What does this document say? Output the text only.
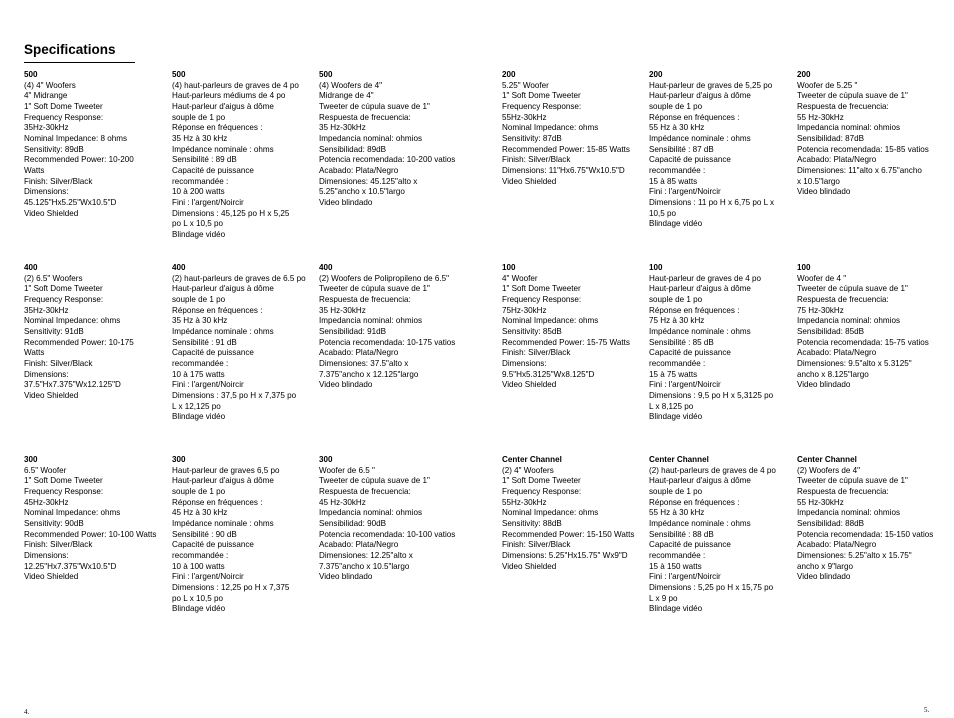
Specifications
500
(4) 4" Woofers
4" Midrange
1" Soft Dome Tweeter
Frequency Response:
35Hz-30kHz
Nominal Impedance: 8 ohms
Sensitivity: 89dB
Recommended Power: 10-200
Watts
Finish: Silver/Black
Dimensions:
45.125"Hx5.25"Wx10.5"D
Video Shielded
500
(4) haut-parleurs de graves de 4 po
Haut-parleurs médiums de 4 po
Haut-parleur d'aigus à dôme
souple de 1 po
Réponse en fréquences :
35 Hz à 30 kHz
Impédance nominale : ohms
Sensibilité : 89 dB
Capacité de puissance
recommandée :
10 à 200 watts
Fini : l'argent/Noircir
Dimensions : 45,125 po H x 5,25
po L x 10,5 po
Blindage vidéo
500
(4) Woofers de 4"
Midrange de 4"
Tweeter de cúpula suave de 1"
Respuesta de frecuencia:
35 Hz-30kHz
Impedancia nominal: ohmios
Sensibilidad: 89dB
Potencia recomendada: 10-200 vatios
Acabado: Plata/Negro
Dimensiones: 45.125"alto x
5.25"ancho x 10.5"largo
Video blindado
200
5.25" Woofer
1" Soft Dome Tweeter
Frequency Response:
55Hz-30kHz
Nominal Impedance: ohms
Sensitivity: 87dB
Recommended Power: 15-85 Watts
Finish: Silver/Black
Dimensions: 11"Hx6.75"Wx10.5"D
Video Shielded
200
Haut-parleur de graves de 5,25 po
Haut-parleur d'aigus à dôme
souple de 1 po
Réponse en fréquences :
55 Hz à 30 kHz
Impédance nominale : ohms
Sensibilité : 87 dB
Capacité de puissance
recommandée :
15 à 85 watts
Fini : l'argent/Noircir
Dimensions : 11 po H x 6,75 po L x
10,5 po
Blindage vidéo
200
Woofer de 5.25 "
Tweeter de cúpula suave de 1"
Respuesta de frecuencia:
55 Hz-30kHz
Impedancia nominal: ohmios
Sensibilidad: 87dB
Potencia recomendada: 15-85 vatios
Acabado: Plata/Negro
Dimensiones: 11"alto x 6.75"ancho
x 10.5"largo
Video blindado
400
(2) 6.5" Woofers
1" Soft Dome Tweeter
Frequency Response:
35Hz-30kHz
Nominal Impedance: ohms
Sensitivity: 91dB
Recommended Power: 10-175
Watts
Finish: Silver/Black
Dimensions:
37.5"Hx7.375"Wx12.125"D
Video Shielded
400
(2) haut-parleurs de graves de 6.5 po
Haut-parleur d'aigus à dôme
souple de 1 po
Réponse en fréquences :
35 Hz à 30 kHz
Impédance nominale : ohms
Sensibilité : 91 dB
Capacité de puissance
recommandée :
10 à 175 watts
Fini : l'argent/Noircir
Dimensions : 37,5 po H x 7,375 po
L x 12,125 po
Blindage vidéo
400
(2) Woofers de Polipropileno de 6.5"
Tweeter de cúpula suave de 1"
Respuesta de frecuencia:
35 Hz-30kHz
Impedancia nominal: ohmios
Sensibilidad: 91dB
Potencia recomendada: 10-175 vatios
Acabado: Plata/Negro
Dimensiones: 37.5"alto x
7.375"ancho x 12.125"largo
Video blindado
100
4" Woofer
1" Soft Dome Tweeter
Frequency Response:
75Hz-30kHz
Nominal Impedance: ohms
Sensitivity: 85dB
Recommended Power: 15-75 Watts
Finish: Silver/Black
Dimensions:
9.5"Hx5.3125"Wx8.125"D
Video Shielded
100
Haut-parleur de graves de 4 po
Haut-parleur d'aigus à dôme
souple de 1 po
Réponse en fréquences :
75 Hz à 30 kHz
Impédance nominale : ohms
Sensibilité : 85 dB
Capacité de puissance
recommandée :
15 à 75 watts
Fini : l'argent/Noircir
Dimensions : 9,5 po H x 5,3125 po
L x 8,125 po
Blindage vidéo
100
Woofer de 4 "
Tweeter de cúpula suave de 1"
Respuesta de frecuencia:
75 Hz-30kHz
Impedancia nominal: ohmios
Sensibilidad: 85dB
Potencia recomendada: 15-75 vatios
Acabado: Plata/Negro
Dimensiones: 9.5"alto x 5.3125"
ancho x 8.125"largo
Video blindado
300
6.5" Woofer
1" Soft Dome Tweeter
Frequency Response:
45Hz-30kHz
Nominal Impedance: ohms
Sensitivity: 90dB
Recommended Power: 10-100 Watts
Finish: Silver/Black
Dimensions:
12.25"Hx7.375"Wx10.5"D
Video Shielded
300
Haut-parleur de graves 6,5 po
Haut-parleur d'aigus à dôme
souple de 1 po
Réponse en fréquences :
45 Hz à 30 kHz
Impédance nominale : ohms
Sensibilité : 90 dB
Capacité de puissance
recommandée :
10 à 100 watts
Fini : l'argent/Noircir
Dimensions : 12,25 po H x 7,375
po L x 10,5 po
Blindage vidéo
300
Woofer de 6.5 "
Tweeter de cúpula suave de 1"
Respuesta de frecuencia:
45 Hz-30kHz
Impedancia nominal: ohmios
Sensibilidad: 90dB
Potencia recomendada: 10-100 vatios
Acabado: Plata/Negro
Dimensiones: 12.25"alto x
7.375"ancho x 10.5"largo
Video blindado
Center Channel
(2) 4" Woofers
1" Soft Dome Tweeter
Frequency Response:
55Hz-30kHz
Nominal Impedance: ohms
Sensitivity: 88dB
Recommended Power: 15-150 Watts
Finish: Silver/Black
Dimensions: 5.25"Hx15.75" Wx9"D
Video Shielded
Center Channel
(2) haut-parleurs de graves de 4 po
Haut-parleur d'aigus à dôme
souple de 1 po
Réponse en fréquences :
55 Hz à 30 kHz
Impédance nominale : ohms
Sensibilité : 88 dB
Capacité de puissance
recommandée :
15 à 150 watts
Fini : l'argent/Noircir
Dimensions : 5,25 po H x 15,75 po
L x 9 po
Blindage vidéo
Center Channel
(2) Woofers de 4"
Tweeter de cúpula suave de 1"
Respuesta de frecuencia:
55 Hz-30kHz
Impedancia nominal: ohmios
Sensibilidad: 88dB
Potencia recomendada: 15-150 vatios
Acabado: Plata/Negro
Dimensiones: 5.25"alto x 15.75"
ancho x 9"largo
Video blindado
4.	5.
